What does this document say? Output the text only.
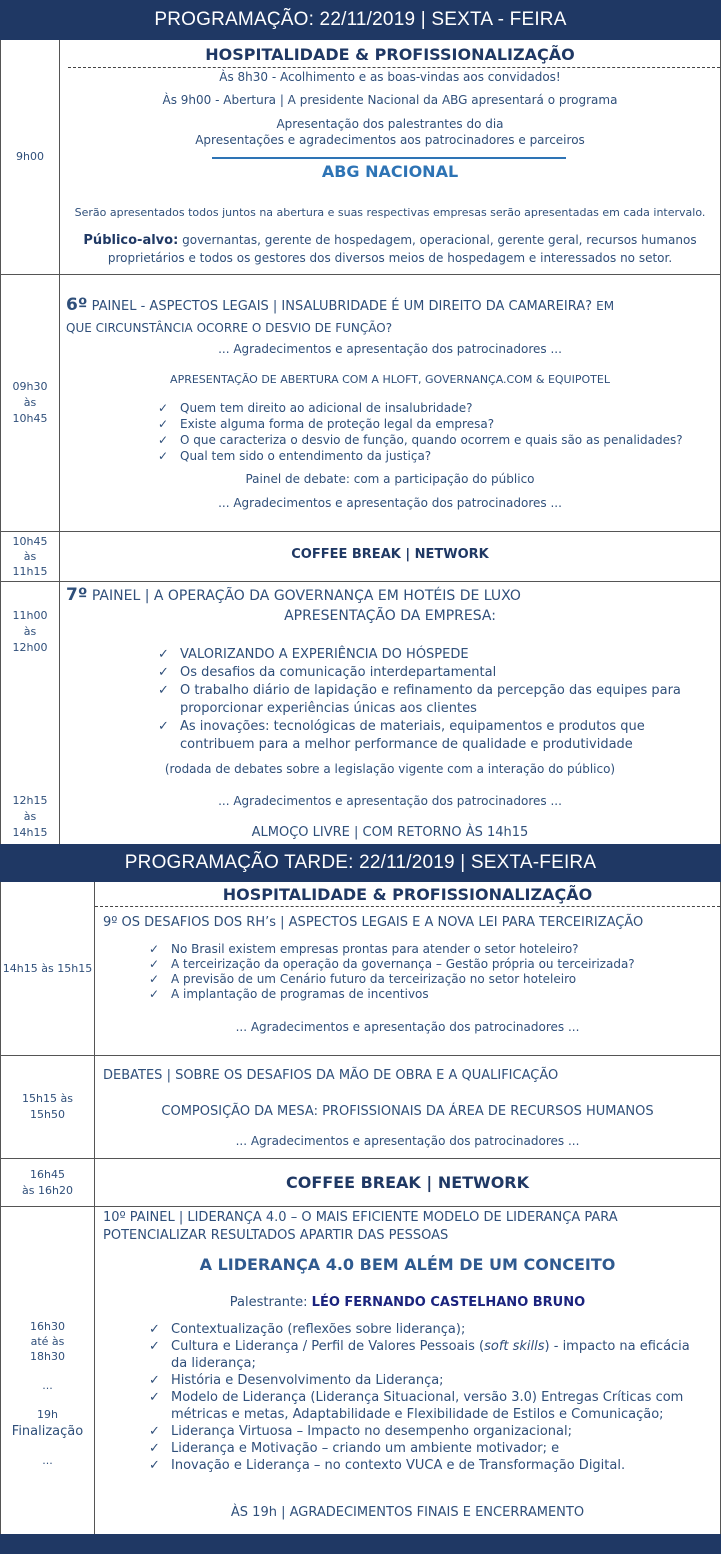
PROGRAMAÇÃO: 22/11/2019 | SEXTA - FEIRA
9h00
HOSPITALIDADE & PROFISSIONALIZAÇÃO
Às 8h30 - Acolhimento e as boas-vindas aos convidados!
Às 9h00 - Abertura | A presidente Nacional da ABG apresentará o programa
Apresentação dos palestrantes do dia
Apresentações e agradecimentos aos patrocinadores e parceiros
ABG NACIONAL
Serão apresentados todos juntos na abertura e suas respectivas empresas serão apresentadas em cada intervalo.
Público-alvo: governantas, gerente de hospedagem, operacional, gerente geral, recursos humanos
proprietários e todos os gestores dos diversos meios de hospedagem e interessados no setor.
09h30
às
10h45
6º PAINEL - ASPECTOS LEGAIS | INSALUBRIDADE É UM DIREITO DA CAMAREIRA? EM
QUE CIRCUNSTÂNCIA OCORRE O DESVIO DE FUNÇÃO?
... Agradecimentos e apresentação dos patrocinadores ...
APRESENTAÇÃO DE ABERTURA COM A HLOFT, GOVERNANÇA.COM & EQUIPOTEL
✓ Quem tem direito ao adicional de insalubridade?
✓ Existe alguma forma de proteção legal da empresa?
✓ O que caracteriza o desvio de função, quando ocorrem e quais são as penalidades?
✓ Qual tem sido o entendimento da justiça?
Painel de debate: com a participação do público
... Agradecimentos e apresentação dos patrocinadores ...
10h45
às
11h15
COFFEE BREAK | NETWORK
11h00
às
12h00
12h15
às
14h15
7º PAINEL | A OPERAÇÃO DA GOVERNANÇA EM HOTÉIS DE LUXO
APRESENTAÇÃO DA EMPRESA:
✓ VALORIZANDO A EXPERIÊNCIA DO HÓSPEDE
✓ Os desafios da comunicação interdepartamental
✓ O trabalho diário de lapidação e refinamento da percepção das equipes para
proporcionar experiências únicas aos clientes
✓ As inovações: tecnológicas de materiais, equipamentos e produtos que
contribuem para a melhor performance de qualidade e produtividade
(rodada de debates sobre a legislação vigente com a interação do público)
... Agradecimentos e apresentação dos patrocinadores ...
ALMOÇO LIVRE | COM RETORNO ÀS 14h15
PROGRAMAÇÃO TARDE: 22/11/2019 | SEXTA-FEIRA
14h15 às 15h15
HOSPITALIDADE & PROFISSIONALIZAÇÃO
9º OS DESAFIOS DOS RH’s | ASPECTOS LEGAIS E A NOVA LEI PARA TERCEIRIZAÇÃO
✓ No Brasil existem empresas prontas para atender o setor hoteleiro?
✓ A terceirização da operação da governança – Gestão própria ou terceirizada?
✓ A previsão de um Cenário futuro da terceirização no setor hoteleiro
✓ A implantação de programas de incentivos
... Agradecimentos e apresentação dos patrocinadores ...
15h15 às
15h50
DEBATES | SOBRE OS DESAFIOS DA MÃO DE OBRA E A QUALIFICAÇÃO
COMPOSIÇÃO DA MESA: PROFISSIONAIS DA ÁREA DE RECURSOS HUMANOS
... Agradecimentos e apresentação dos patrocinadores ...
16h45
às 16h20	COFFEE BREAK | NETWORK
16h30
até às
18h30
...
19h
Finalização
...
10º PAINEL | LIDERANÇA 4.0 – O MAIS EFICIENTE MODELO DE LIDERANÇA PARA
POTENCIALIZAR RESULTADOS APARTIR DAS PESSOAS
A LIDERANÇA 4.0 BEM ALÉM DE UM CONCEITO
Palestrante: LÉO FERNANDO CASTELHANO BRUNO
✓ Contextualização (reflexões sobre liderança);
✓ Cultura e Liderança / Perfil de Valores Pessoais (soft skills) - impacto na eficácia
da liderança;
✓ História e Desenvolvimento da Liderança;
✓ Modelo de Liderança (Liderança Situacional, versão 3.0) Entregas Críticas com
métricas e metas, Adaptabilidade e Flexibilidade de Estilos e Comunicação;
✓ Liderança Virtuosa – Impacto no desempenho organizacional;
✓ Liderança e Motivação – criando um ambiente motivador; e
✓ Inovação e Liderança – no contexto VUCA e de Transformação Digital.
ÀS 19h | AGRADECIMENTOS FINAIS E ENCERRAMENTO
